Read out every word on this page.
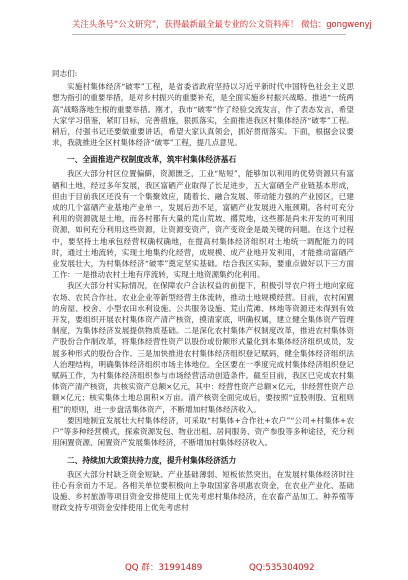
关注头条号“公文研究”，获得最新最全最专业的公文资料库！ 微信：gongwenyj

同志们:

实施村集体经济“破零”工程，是省委省政府坚持以习近平新时代中国特色社会主义思想为指引的重要举措，是对乡村振兴的重要补充，是全面实施乡村振兴战略、推进“一统两高”战略落地生根的重要举措。刚才，我市“破零”作了经验交流发言，作了表态发言，希望大家学习借鉴，紧盯目标，完善措施，狠抓落实，全面推进我区村集体经济“破零”工程。稍后，付强书记还要做重要讲话，希望大家认真领会，抓好贯彻落实。下面，根据会议要求，我就推进全区村集体经济“破零”工程，提几点意见。

一、全面推进产权制度改革，筑牢村集体经济基石

我区大部分村区位置偏僻，资源匮乏，工业“贴短”，能够加以利用的优势资源只有富硒和土地，经过多年发展，我区富硒产业取得了长足进步，五大富硒全产业链基本形成，但由于目前我区还没有一个集聚效应，随着长、融合发展、带动能力强的产业园区，已建成的几个富硒产业基地产业单一，发展后劲不足，富硒产业发展进入瓶颈期。各村可充分利用的资源就是土地，而各村都有大量的荒山荒坡、撂荒地，这些都是尚未开发的可利用资源，如何充分利用这些资源，让资源变资产，资产变资金是最关键的问题。在这个过程中，要坚持土地承包经营权确权确地，在提高村集体经济组织对土地统一调配能力的同时，通过土地流转，实现土地集约化经营，成规模、成产业地开发利用，才能推动富硒产业发展壮大，为村集体经济“破零”奠定坚实基础。结合我区实际，要重点做好以下三方面工作：一是推动农村土地有序流转，实现土地资源集约化利用。

我区大部分村实际情况，在保障农户合法权益的前提下，积极引导农户将土地向家庭农场、农民合作社、农业企业等新型经营主体流转，推动土地规模经营。目前，农村闲置的房屋、校舍、小型农田水利设施、公共服务设施、荒山荒滩、林地等资源还未得到有效开发，要组织开展农村集体资产清产核资，摸清家底，明确权属，建立健全集体资产管理制度，为集体经济发展提供物质基础。二是深化农村集体产权制度改革，推进农村集体资产股份合作制改革，将集体经营性资产以股份或份额形式量化到本集体经济组织成员，发展多种形式的股份合作。三是加快推进农村集体经济组织登记赋码，健全集体经济组织法人治理结构，明确集体经济组织市场主体地位。全区要在一季度完成村集体经济组织登记赋码工作，为村集体经济组织参与市场经营活动创造条件。截至目前，我区已完成农村集体资产清产核资，共核实资产总额×亿元，其中：经营性资产总额×亿元，非经营性资产总额×亿元；核实集体土地总面积×万亩。清产核资全面完成后，要按照“宜股则股、宜租则租”的原则，进一步盘活集体资产，不断增加村集体经济收入。

要因地制宜发展壮大村集体经济，可采取“村集体+合作社+农户”“公司+村集体+农户”等多种经营模式，探索资源发包、物业出租、居间服务、资产参股等多种途径，充分利用闲置资源、闲置资产发展集体经济，不断增加村集体经济收入。

二、持续加大政策扶持力度，提升村集体经济活力

我区大部分村缺乏资金短缺、产业基础薄弱、短板依然突出，在发展村集体经济时往往心有余而力不足。各相关单位要积极向上争取国家各项惠农资金，在农业产业化、基础设施、乡村旅游等项目资金安排使用上优先考虑村集体经济，在农畜产品加工、种养殖等财政支持专项资金安排使用上优先考虑村

QQ 群：31991489	QQ:535304092
